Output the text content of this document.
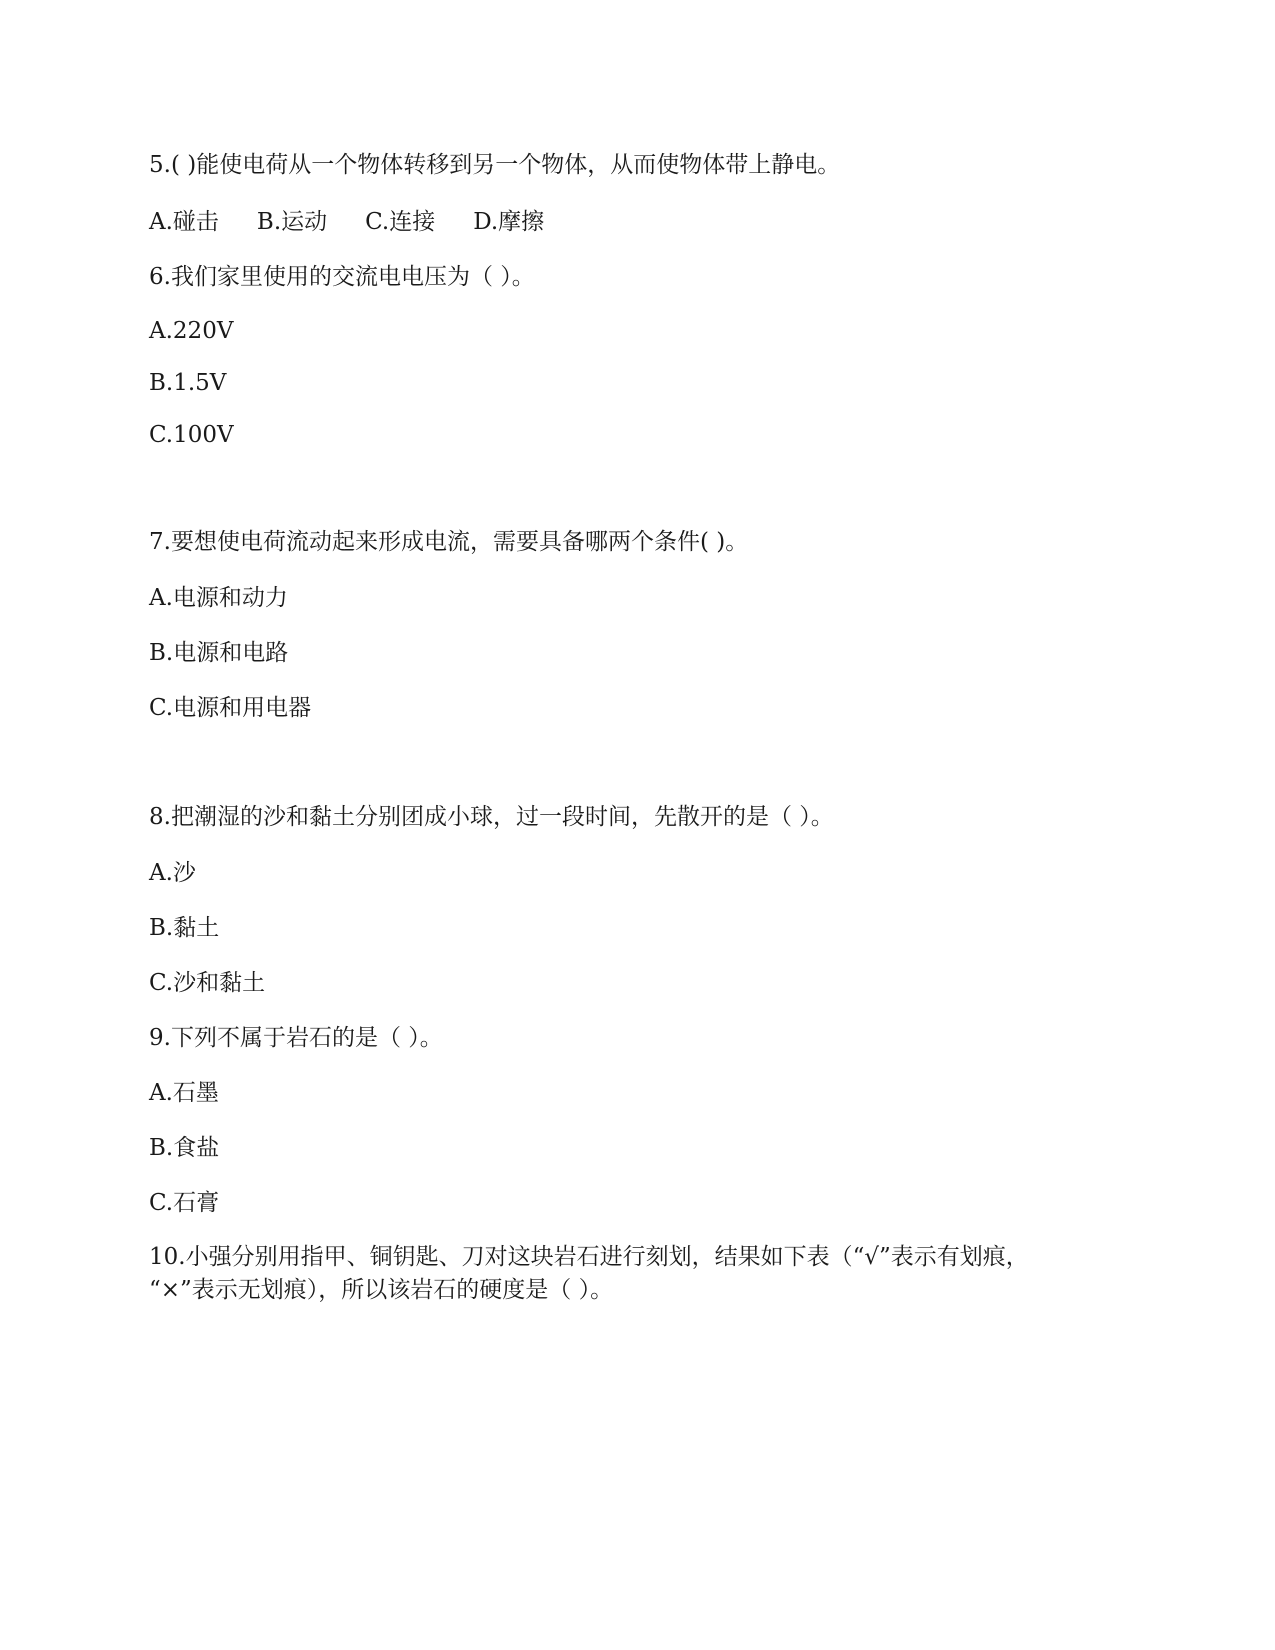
5.( )能使电荷从一个物体转移到另一个物体，从而使物体带上静电。

A.碰击 B.运动 C.连接 D.摩擦

6.我们家里使用的交流电电压为（ ）。

A.220V

B.1.5V

C.100V

7.要想使电荷流动起来形成电流，需要具备哪两个条件( )。

A.电源和动力

B.电源和电路

C.电源和用电器

8.把潮湿的沙和黏土分别团成小球，过一段时间，先散开的是（ ）。

A.沙

B.黏土

C.沙和黏土

9.下列不属于岩石的是（ ）。

A.石墨

B.食盐

C.石膏

10.小强分别用指甲、铜钥匙、刀对这块岩石进行刻划，结果如下表（“√”表示有划痕，

“×”表示无划痕），所以该岩石的硬度是（ ）。
